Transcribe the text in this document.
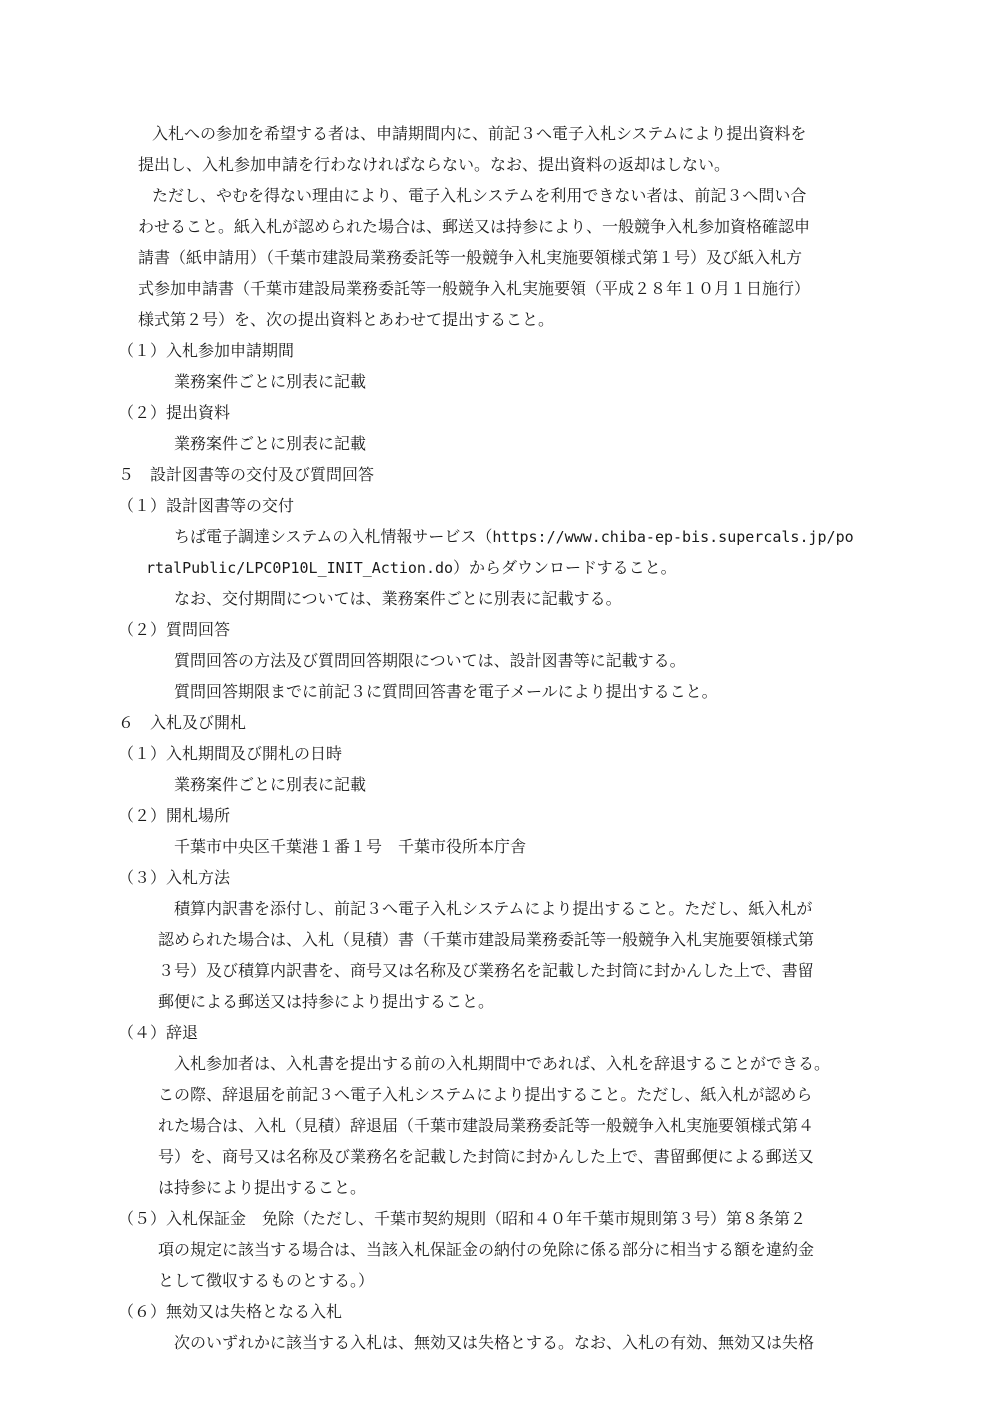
入札への参加を希望する者は、申請期間内に、前記３へ電子入札システムにより提出資料を
提出し、入札参加申請を行わなければならない。なお、提出資料の返却はしない。
ただし、やむを得ない理由により、電子入札システムを利用できない者は、前記３へ問い合
わせること。紙入札が認められた場合は、郵送又は持参により、一般競争入札参加資格確認申
請書（紙申請用）（千葉市建設局業務委託等一般競争入札実施要領様式第１号）及び紙入札方
式参加申請書（千葉市建設局業務委託等一般競争入札実施要領（平成２８年１０月１日施行）
様式第２号）を、次の提出資料とあわせて提出すること。
（１）入札参加申請期間
業務案件ごとに別表に記載
（２）提出資料
業務案件ごとに別表に記載
５　設計図書等の交付及び質問回答
（１）設計図書等の交付
ちば電子調達システムの入札情報サービス（https://www.chiba-ep-bis.supercals.jp/po
rtalPublic/LPC0P10L_INIT_Action.do）からダウンロードすること。
なお、交付期間については、業務案件ごとに別表に記載する。
（２）質問回答
質問回答の方法及び質問回答期限については、設計図書等に記載する。
質問回答期限までに前記３に質問回答書を電子メールにより提出すること。
６　入札及び開札
（１）入札期間及び開札の日時
業務案件ごとに別表に記載
（２）開札場所
千葉市中央区千葉港１番１号　千葉市役所本庁舎
（３）入札方法
積算内訳書を添付し、前記３へ電子入札システムにより提出すること。ただし、紙入札が
認められた場合は、入札（見積）書（千葉市建設局業務委託等一般競争入札実施要領様式第
３号）及び積算内訳書を、商号又は名称及び業務名を記載した封筒に封かんした上で、書留
郵便による郵送又は持参により提出すること。
（４）辞退
入札参加者は、入札書を提出する前の入札期間中であれば、入札を辞退することができる。
この際、辞退届を前記３へ電子入札システムにより提出すること。ただし、紙入札が認めら
れた場合は、入札（見積）辞退届（千葉市建設局業務委託等一般競争入札実施要領様式第４
号）を、商号又は名称及び業務名を記載した封筒に封かんした上で、書留郵便による郵送又
は持参により提出すること。
（５）入札保証金　免除（ただし、千葉市契約規則（昭和４０年千葉市規則第３号）第８条第２
項の規定に該当する場合は、当該入札保証金の納付の免除に係る部分に相当する額を違約金
として徴収するものとする。）
（６）無効又は失格となる入札
次のいずれかに該当する入札は、無効又は失格とする。なお、入札の有効、無効又は失格
